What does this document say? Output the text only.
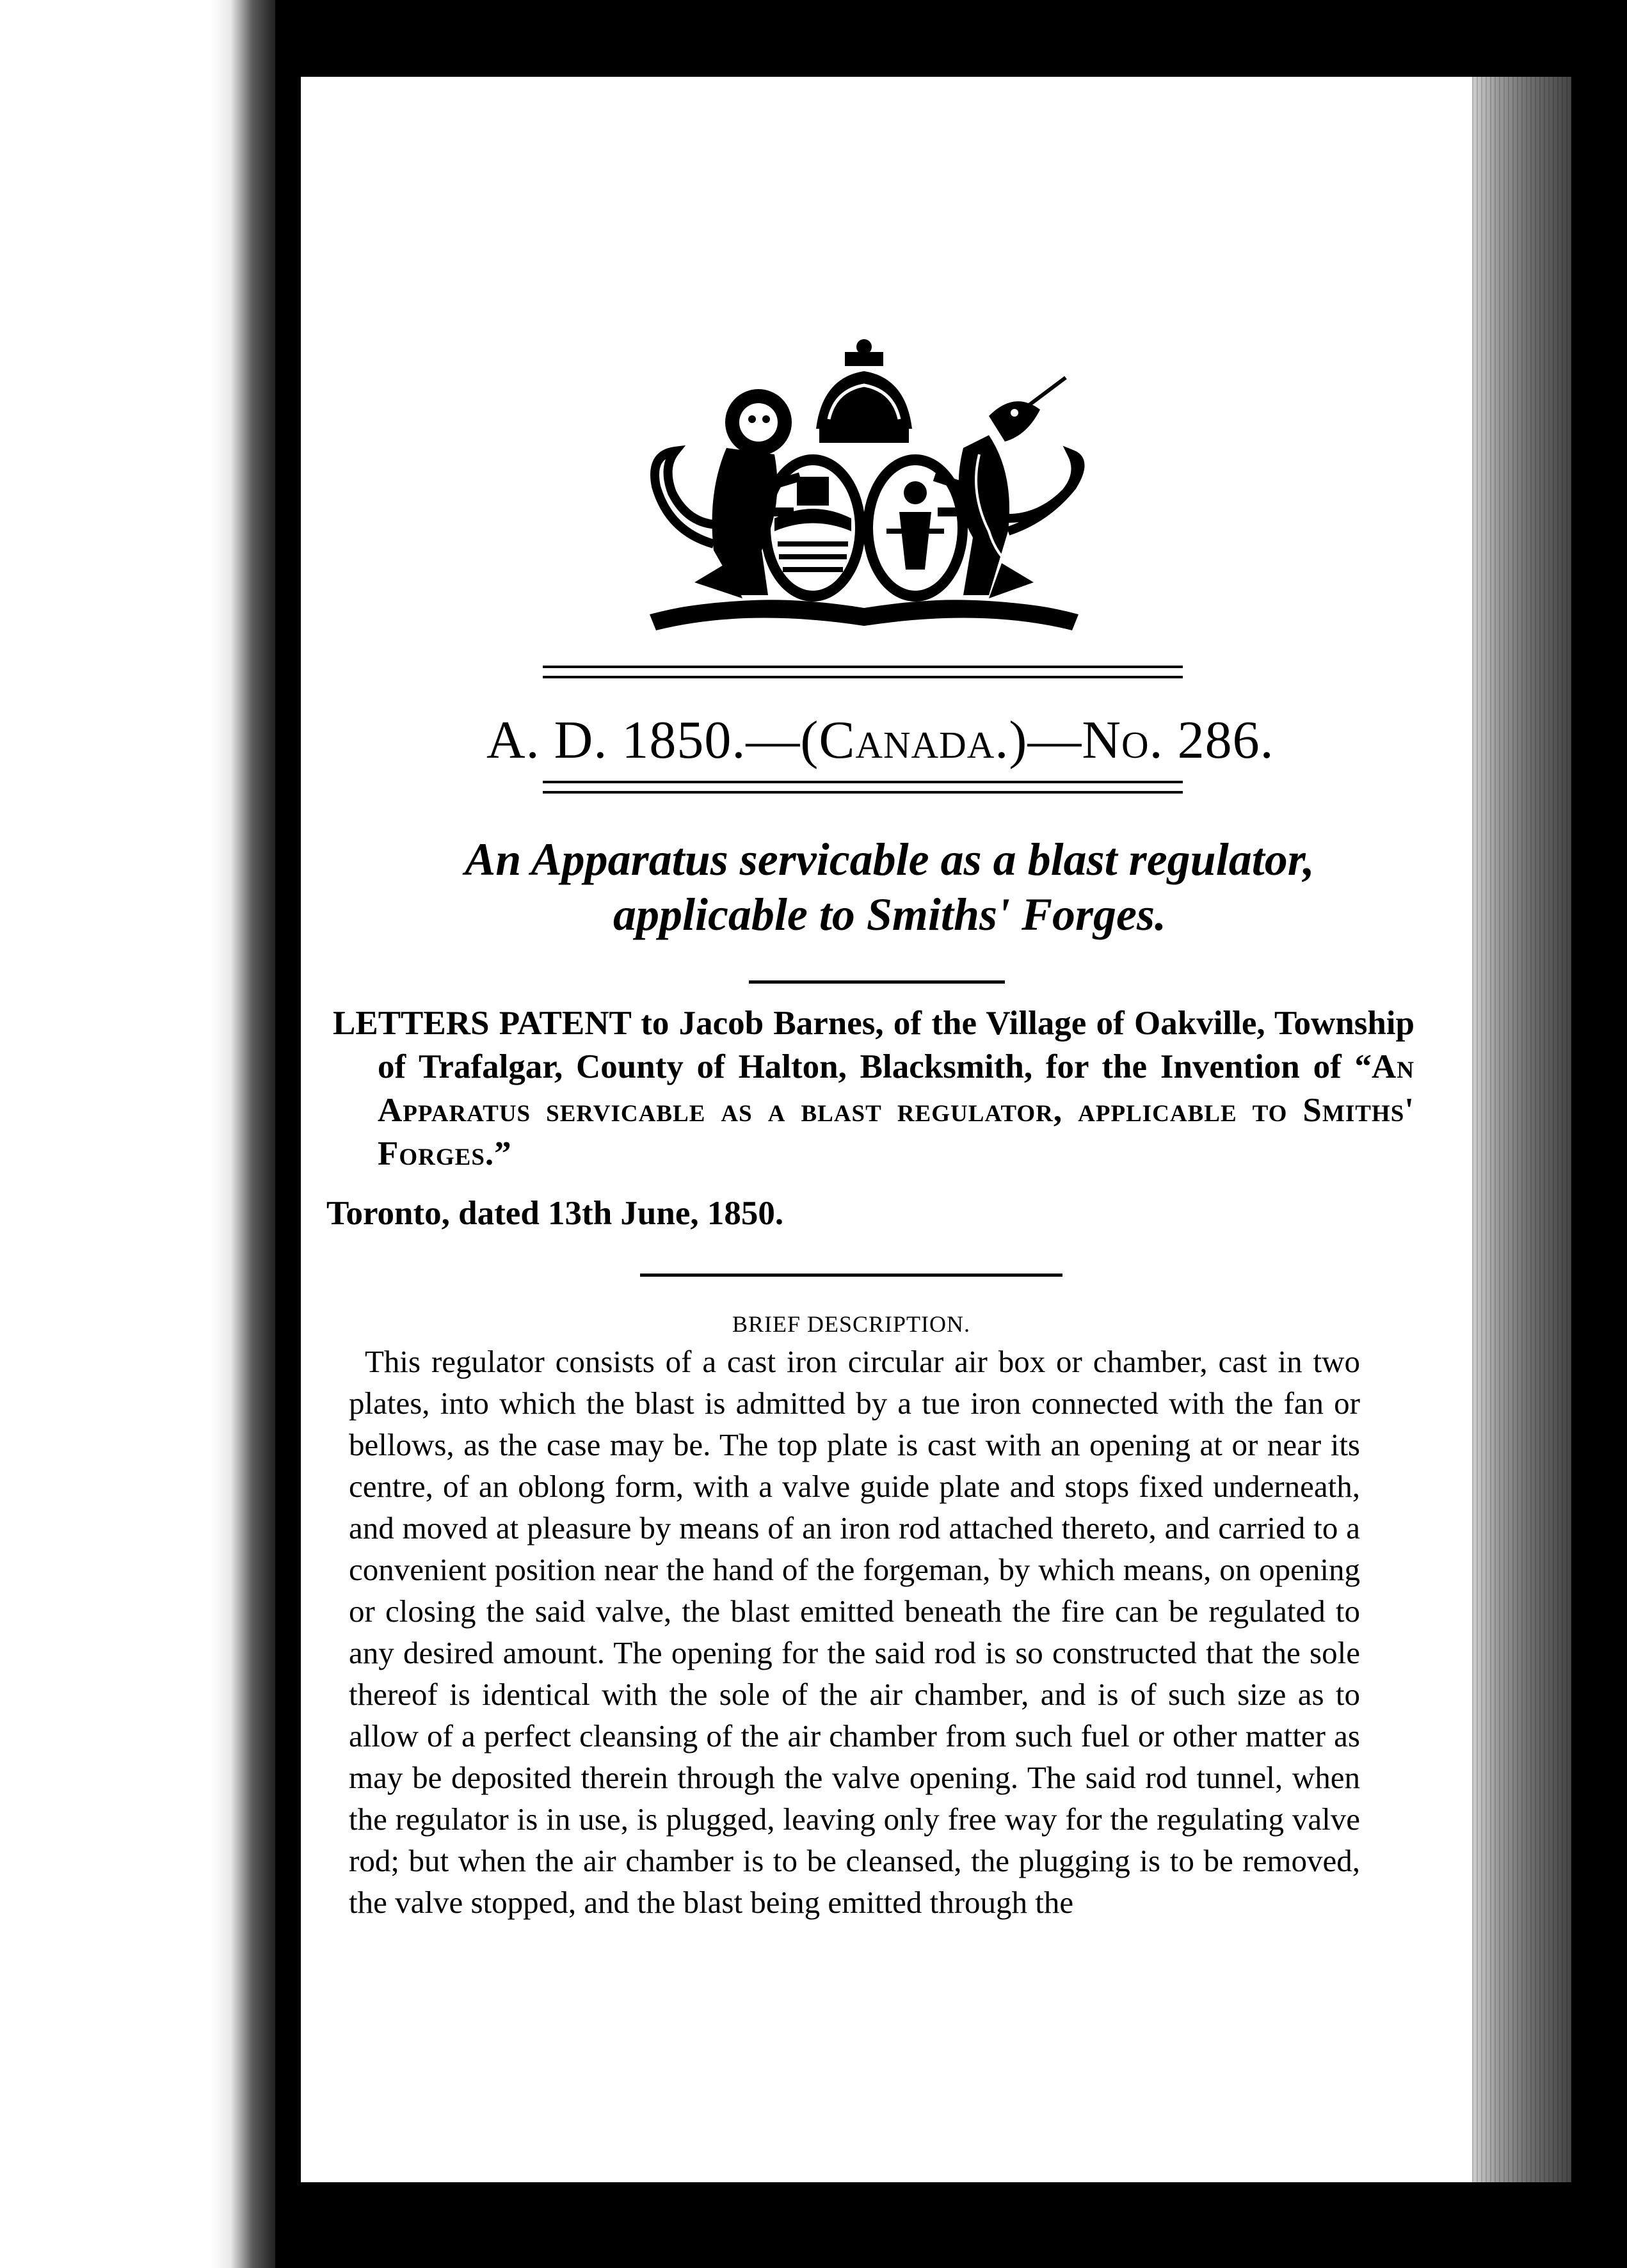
A. D. 1850.—(Canada.)—No. 286.
An Apparatus servicable as a blast regulator,
applicable to Smiths' Forges.
LETTERS PATENT to Jacob Barnes, of the Village of Oakville, Township of Trafalgar, County of Halton, Blacksmith, for the Invention of “An Apparatus servicable as a blast regulator, applicable to Smiths' Forges.”
Toronto, dated 13th June, 1850.
BRIEF DESCRIPTION.
This regulator consists of a cast iron circular air box or chamber, cast in two plates, into which the blast is admitted by a tue iron connected with the fan or bellows, as the case may be. The top plate is cast with an opening at or near its centre, of an oblong form, with a valve guide plate and stops fixed underneath, and moved at pleasure by means of an iron rod attached thereto, and carried to a convenient position near the hand of the forgeman, by which means, on opening or closing the said valve, the blast emitted beneath the fire can be regulated to any desired amount. The opening for the said rod is so constructed that the sole thereof is identical with the sole of the air chamber, and is of such size as to allow of a perfect cleansing of the air chamber from such fuel or other matter as may be deposited therein through the valve opening. The said rod tunnel, when the regulator is in use, is plugged, leaving only free way for the regulating valve rod; but when the air chamber is to be cleansed, the plugging is to be removed, the valve stopped, and the blast being emitted through the
